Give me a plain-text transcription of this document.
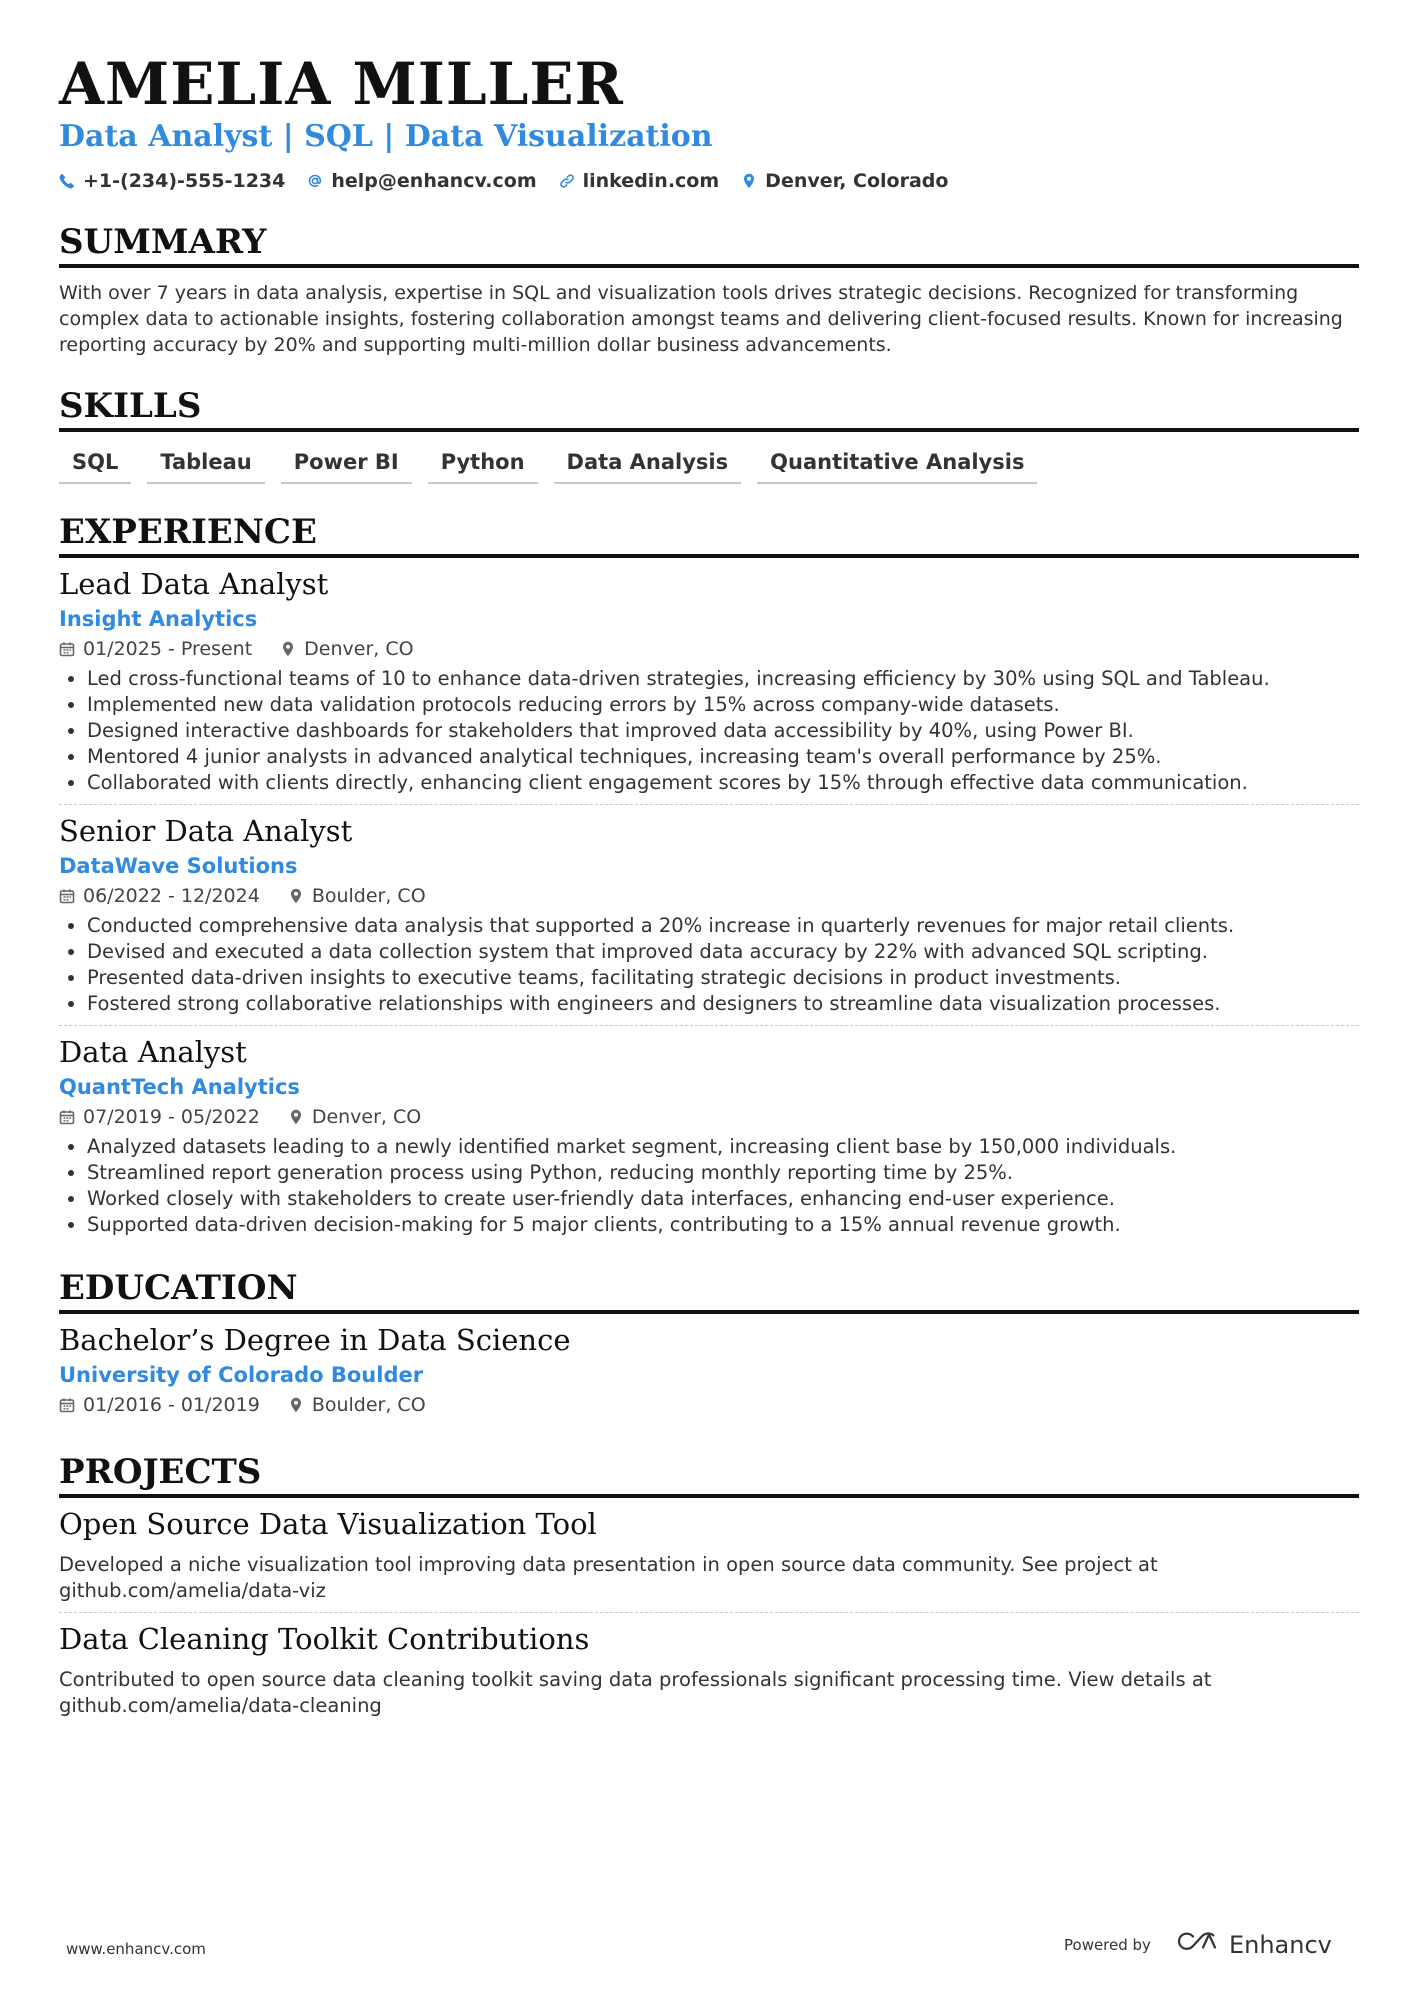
AMELIA MILLER
Data Analyst | SQL | Data Visualization
+1-(234)-555-1234 help@enhancv.com linkedin.com Denver, Colorado
SUMMARY
With over 7 years in data analysis, expertise in SQL and visualization tools drives strategic decisions. Recognized for transforming complex data to actionable insights, fostering collaboration amongst teams and delivering client-focused results. Known for increasing reporting accuracy by 20% and supporting multi-million dollar business advancements.
SKILLS
SQL	Tableau	Power BI	Python	Data Analysis	Quantitative Analysis
EXPERIENCE
Lead Data Analyst
Insight Analytics
01/2025 - Present	Denver, CO
• Led cross-functional teams of 10 to enhance data-driven strategies, increasing efficiency by 30% using SQL and Tableau.
• Implemented new data validation protocols reducing errors by 15% across company-wide datasets.
• Designed interactive dashboards for stakeholders that improved data accessibility by 40%, using Power BI.
• Mentored 4 junior analysts in advanced analytical techniques, increasing team's overall performance by 25%.
• Collaborated with clients directly, enhancing client engagement scores by 15% through effective data communication.
Senior Data Analyst
DataWave Solutions
06/2022 - 12/2024	Boulder, CO
• Conducted comprehensive data analysis that supported a 20% increase in quarterly revenues for major retail clients.
• Devised and executed a data collection system that improved data accuracy by 22% with advanced SQL scripting.
• Presented data-driven insights to executive teams, facilitating strategic decisions in product investments.
• Fostered strong collaborative relationships with engineers and designers to streamline data visualization processes.
Data Analyst
QuantTech Analytics
07/2019 - 05/2022	Denver, CO
• Analyzed datasets leading to a newly identified market segment, increasing client base by 150,000 individuals.
• Streamlined report generation process using Python, reducing monthly reporting time by 25%.
• Worked closely with stakeholders to create user-friendly data interfaces, enhancing end-user experience.
• Supported data-driven decision-making for 5 major clients, contributing to a 15% annual revenue growth.
EDUCATION
Bachelor’s Degree in Data Science
University of Colorado Boulder
01/2016 - 01/2019	Boulder, CO
PROJECTS
Open Source Data Visualization Tool
Developed a niche visualization tool improving data presentation in open source data community. See project at github.com/amelia/data-viz
Data Cleaning Toolkit Contributions
Contributed to open source data cleaning toolkit saving data professionals significant processing time. View details at github.com/amelia/data-cleaning
www.enhancv.com	Powered by	Enhancv
